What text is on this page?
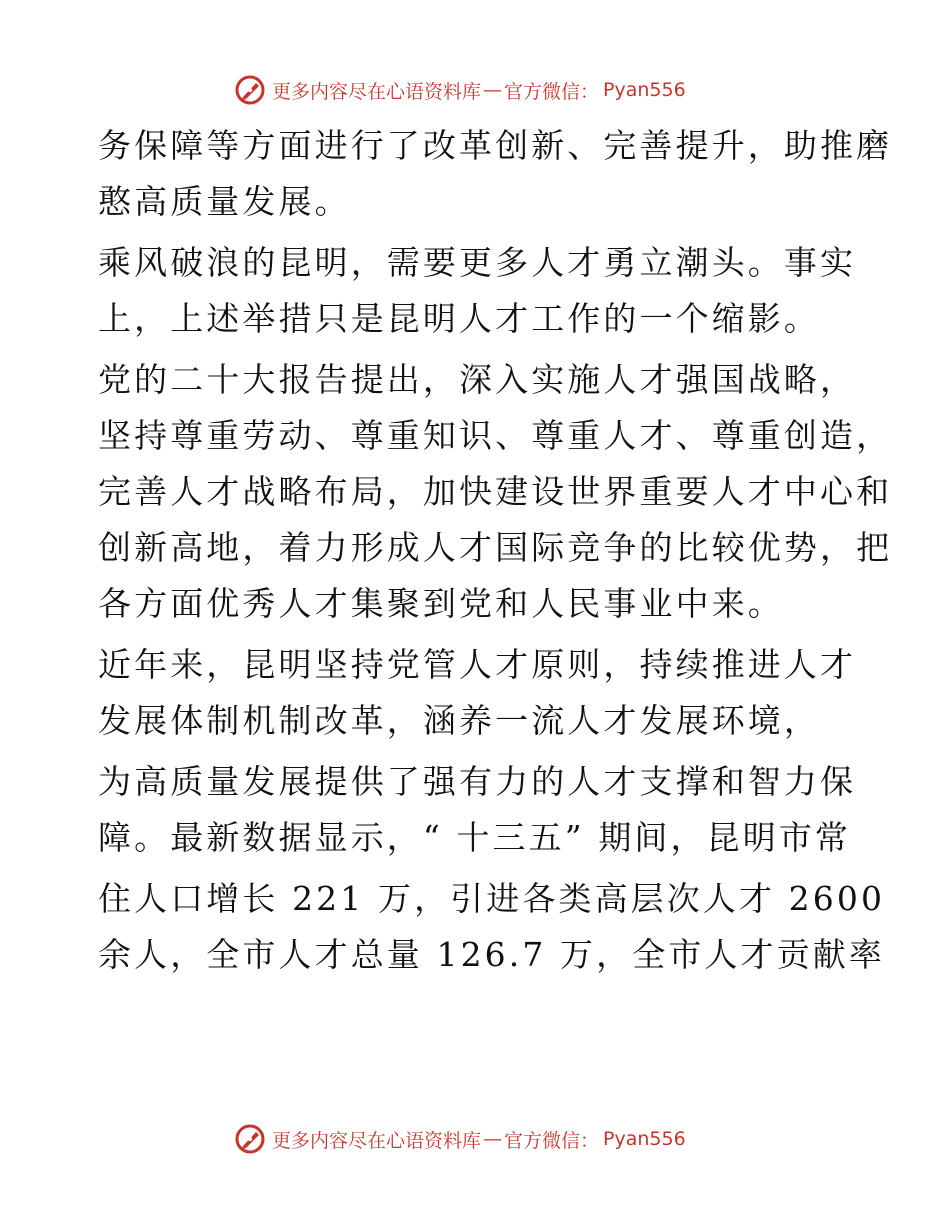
更多内容尽在心语资料库 — 官方微信： Pyan556

务保障等方面进行了改革创新、完善提升，助推磨
憨高质量发展。

乘风破浪的昆明，需要更多人才勇立潮头。事实
上，上述举措只是昆明人才工作的一个缩影。

党的二十大报告提出，深入实施人才强国战略，
坚持尊重劳动、尊重知识、尊重人才、尊重创造，
完善人才战略布局，加快建设世界重要人才中心和
创新高地，着力形成人才国际竞争的比较优势，把
各方面优秀人才集聚到党和人民事业中来。

近年来，昆明坚持党管人才原则，持续推进人才
发展体制机制改革，涵养一流人才发展环境，

为高质量发展提供了强有力的人才支撑和智力保
障。最新数据显示，“ 十三五” 期间，昆明市常

住人口增长 221 万，引进各类高层次人才 2600
余人，全市人才总量 126.7 万，全市人才贡献率

更多内容尽在心语资料库 — 官方微信： Pyan556
